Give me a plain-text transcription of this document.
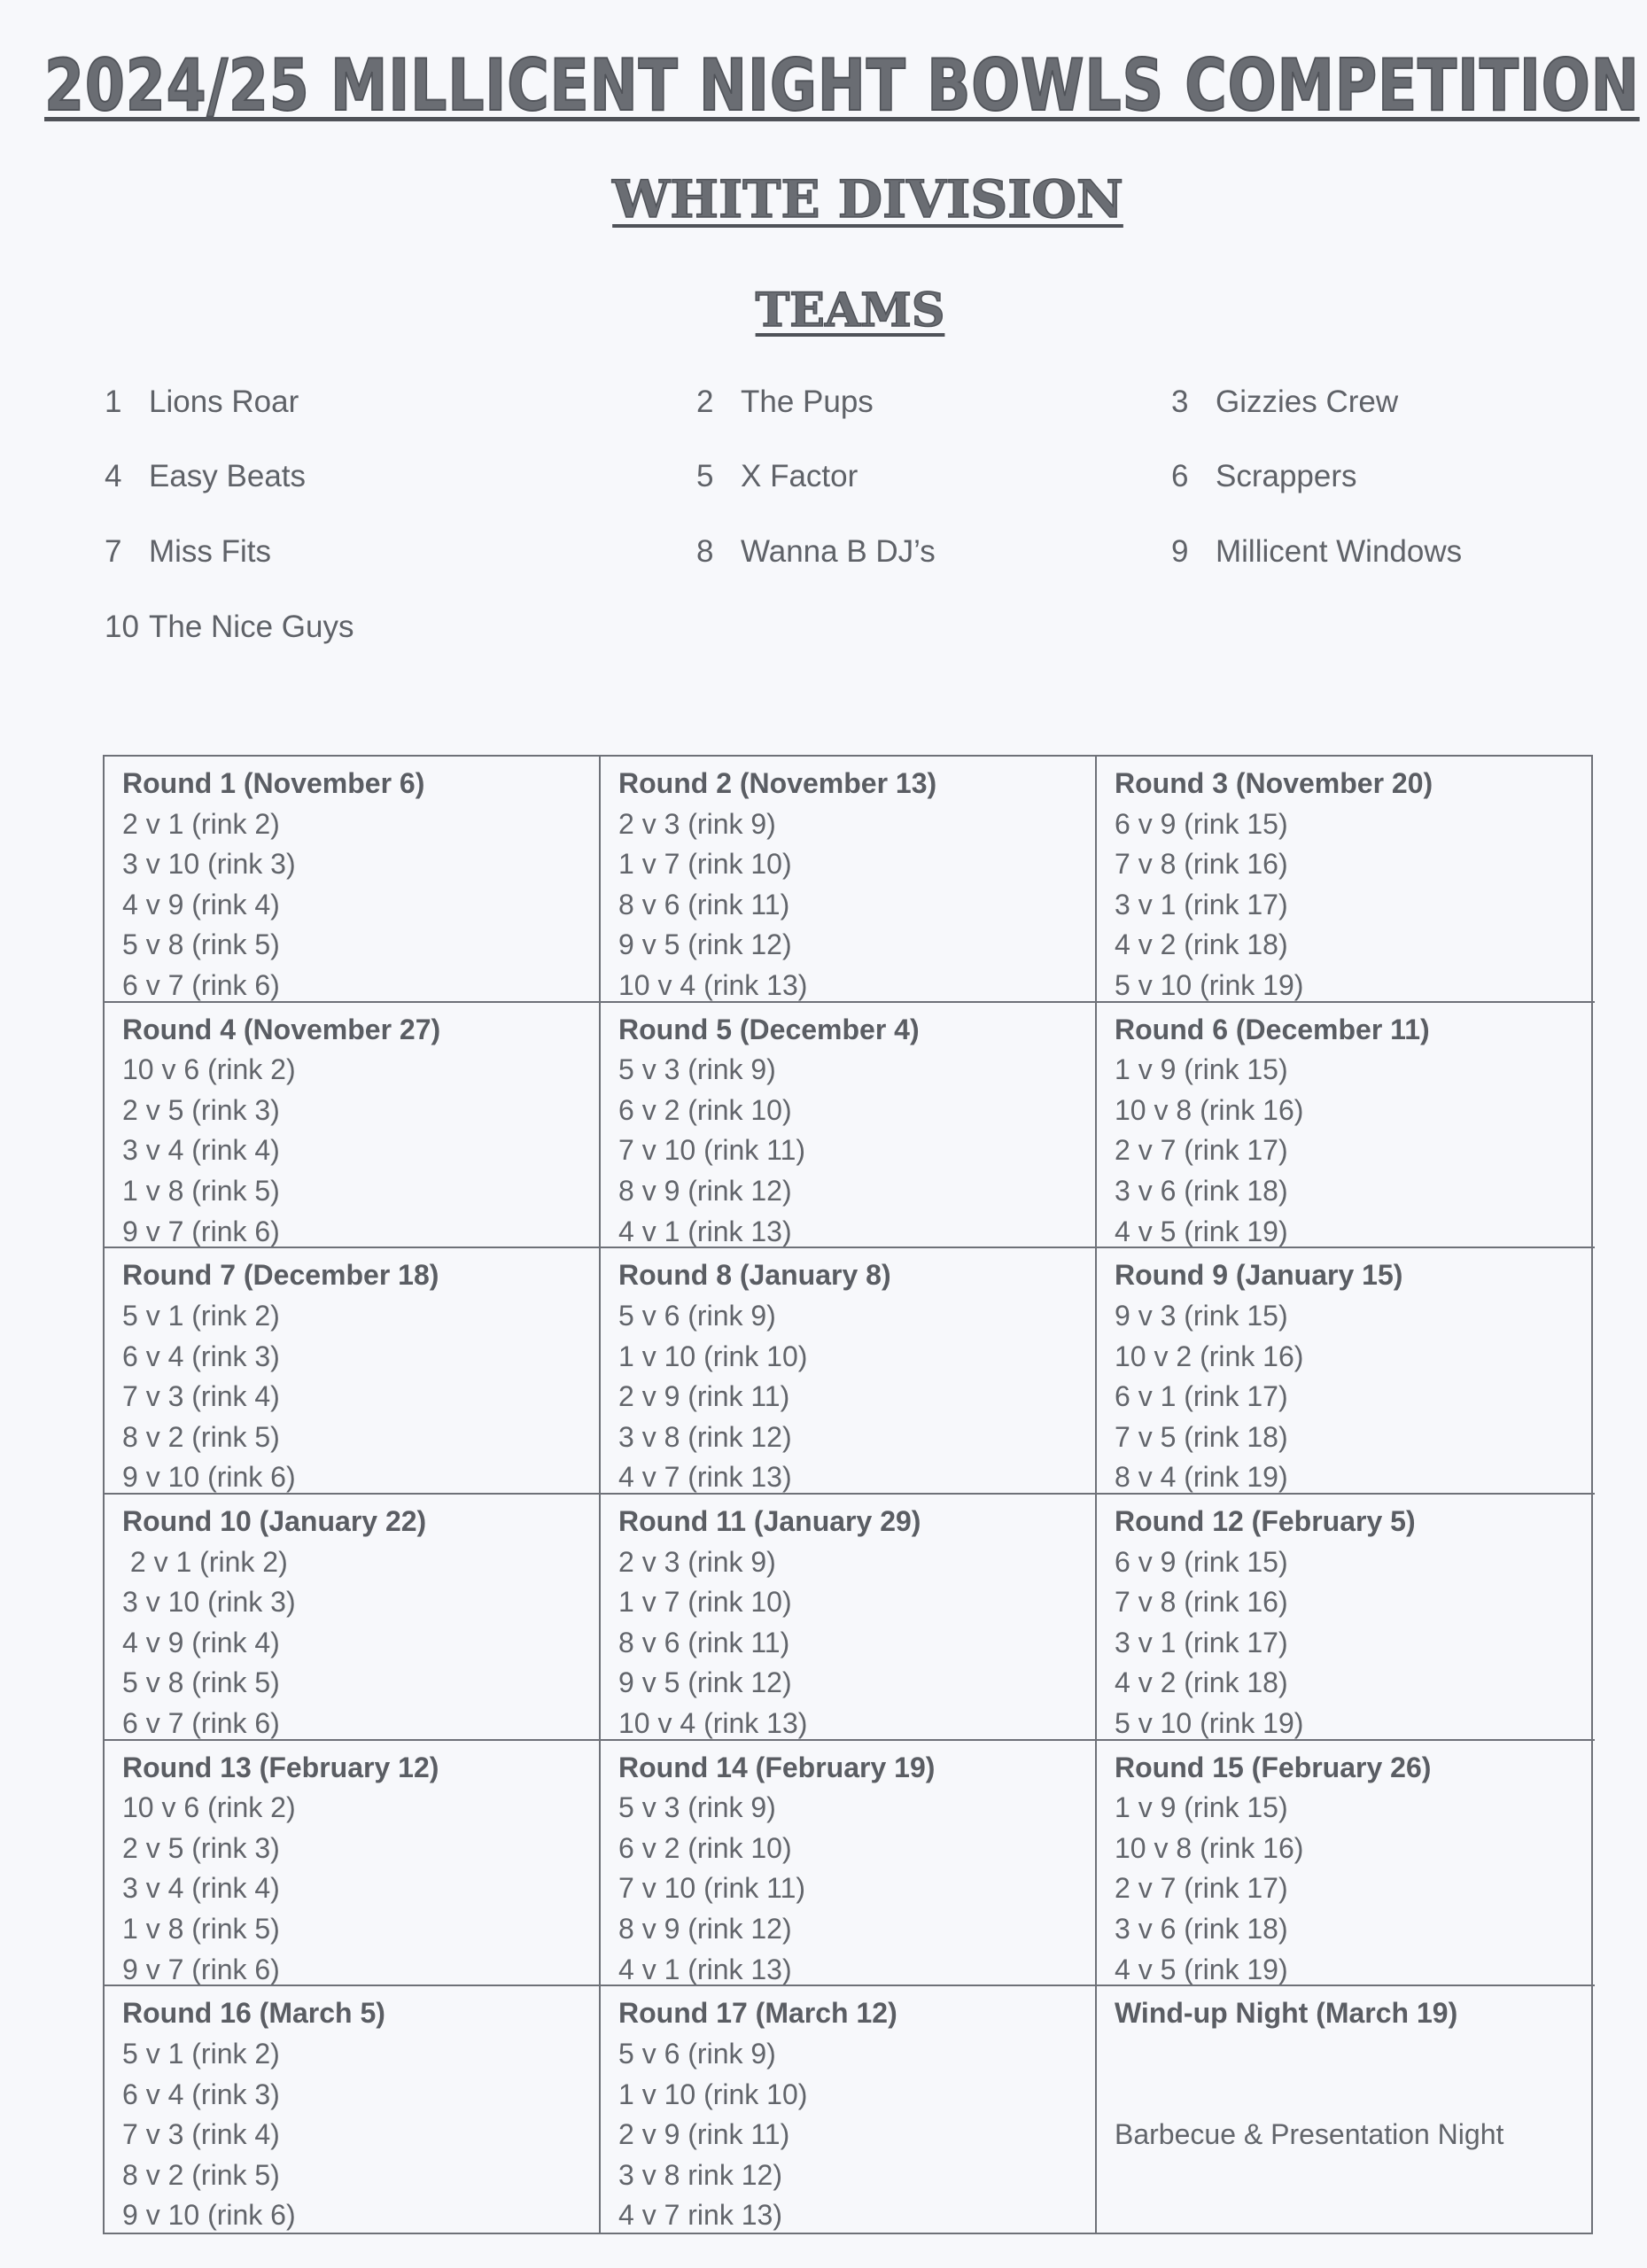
2024/25 MILLICENT NIGHT BOWLS COMPETITION
WHITE DIVISION
TEAMS
1 Lions Roar	2 The Pups	3 Gizzies Crew
4 Easy Beats	5 X Factor	6 Scrappers
7 Miss Fits	8 Wanna B DJ’s	9 Millicent Windows
10 The Nice Guys
Round 1 (November 6)
2 v 1 (rink 2)
3 v 10 (rink 3)
4 v 9 (rink 4)
5 v 8 (rink 5)
6 v 7 (rink 6)
Round 2 (November 13)
2 v 3 (rink 9)
1 v 7 (rink 10)
8 v 6 (rink 11)
9 v 5 (rink 12)
10 v 4 (rink 13)
Round 3 (November 20)
6 v 9 (rink 15)
7 v 8 (rink 16)
3 v 1 (rink 17)
4 v 2 (rink 18)
5 v 10 (rink 19)
Round 4 (November 27)
10 v 6 (rink 2)
2 v 5 (rink 3)
3 v 4 (rink 4)
1 v 8 (rink 5)
9 v 7 (rink 6)
Round 5 (December 4)
5 v 3 (rink 9)
6 v 2 (rink 10)
7 v 10 (rink 11)
8 v 9 (rink 12)
4 v 1 (rink 13)
Round 6 (December 11)
1 v 9 (rink 15)
10 v 8 (rink 16)
2 v 7 (rink 17)
3 v 6 (rink 18)
4 v 5 (rink 19)
Round 7 (December 18)
5 v 1 (rink 2)
6 v 4 (rink 3)
7 v 3 (rink 4)
8 v 2 (rink 5)
9 v 10 (rink 6)
Round 8 (January 8)
5 v 6 (rink 9)
1 v 10 (rink 10)
2 v 9 (rink 11)
3 v 8 (rink 12)
4 v 7 (rink 13)
Round 9 (January 15)
9 v 3 (rink 15)
10 v 2 (rink 16)
6 v 1 (rink 17)
7 v 5 (rink 18)
8 v 4 (rink 19)
Round 10 (January 22)
2 v 1 (rink 2)
3 v 10 (rink 3)
4 v 9 (rink 4)
5 v 8 (rink 5)
6 v 7 (rink 6)
Round 11 (January 29)
2 v 3 (rink 9)
1 v 7 (rink 10)
8 v 6 (rink 11)
9 v 5 (rink 12)
10 v 4 (rink 13)
Round 12 (February 5)
6 v 9 (rink 15)
7 v 8 (rink 16)
3 v 1 (rink 17)
4 v 2 (rink 18)
5 v 10 (rink 19)
Round 13 (February 12)
10 v 6 (rink 2)
2 v 5 (rink 3)
3 v 4 (rink 4)
1 v 8 (rink 5)
9 v 7 (rink 6)
Round 14 (February 19)
5 v 3 (rink 9)
6 v 2 (rink 10)
7 v 10 (rink 11)
8 v 9 (rink 12)
4 v 1 (rink 13)
Round 15 (February 26)
1 v 9 (rink 15)
10 v 8 (rink 16)
2 v 7 (rink 17)
3 v 6 (rink 18)
4 v 5 (rink 19)
Round 16 (March 5)
5 v 1 (rink 2)
6 v 4 (rink 3)
7 v 3 (rink 4)
8 v 2 (rink 5)
9 v 10 (rink 6)
Round 17 (March 12)
5 v 6 (rink 9)
1 v 10 (rink 10)
2 v 9 (rink 11)
3 v 8 rink 12)
4 v 7 rink 13)
Wind-up Night (March 19)
Barbecue & Presentation Night
